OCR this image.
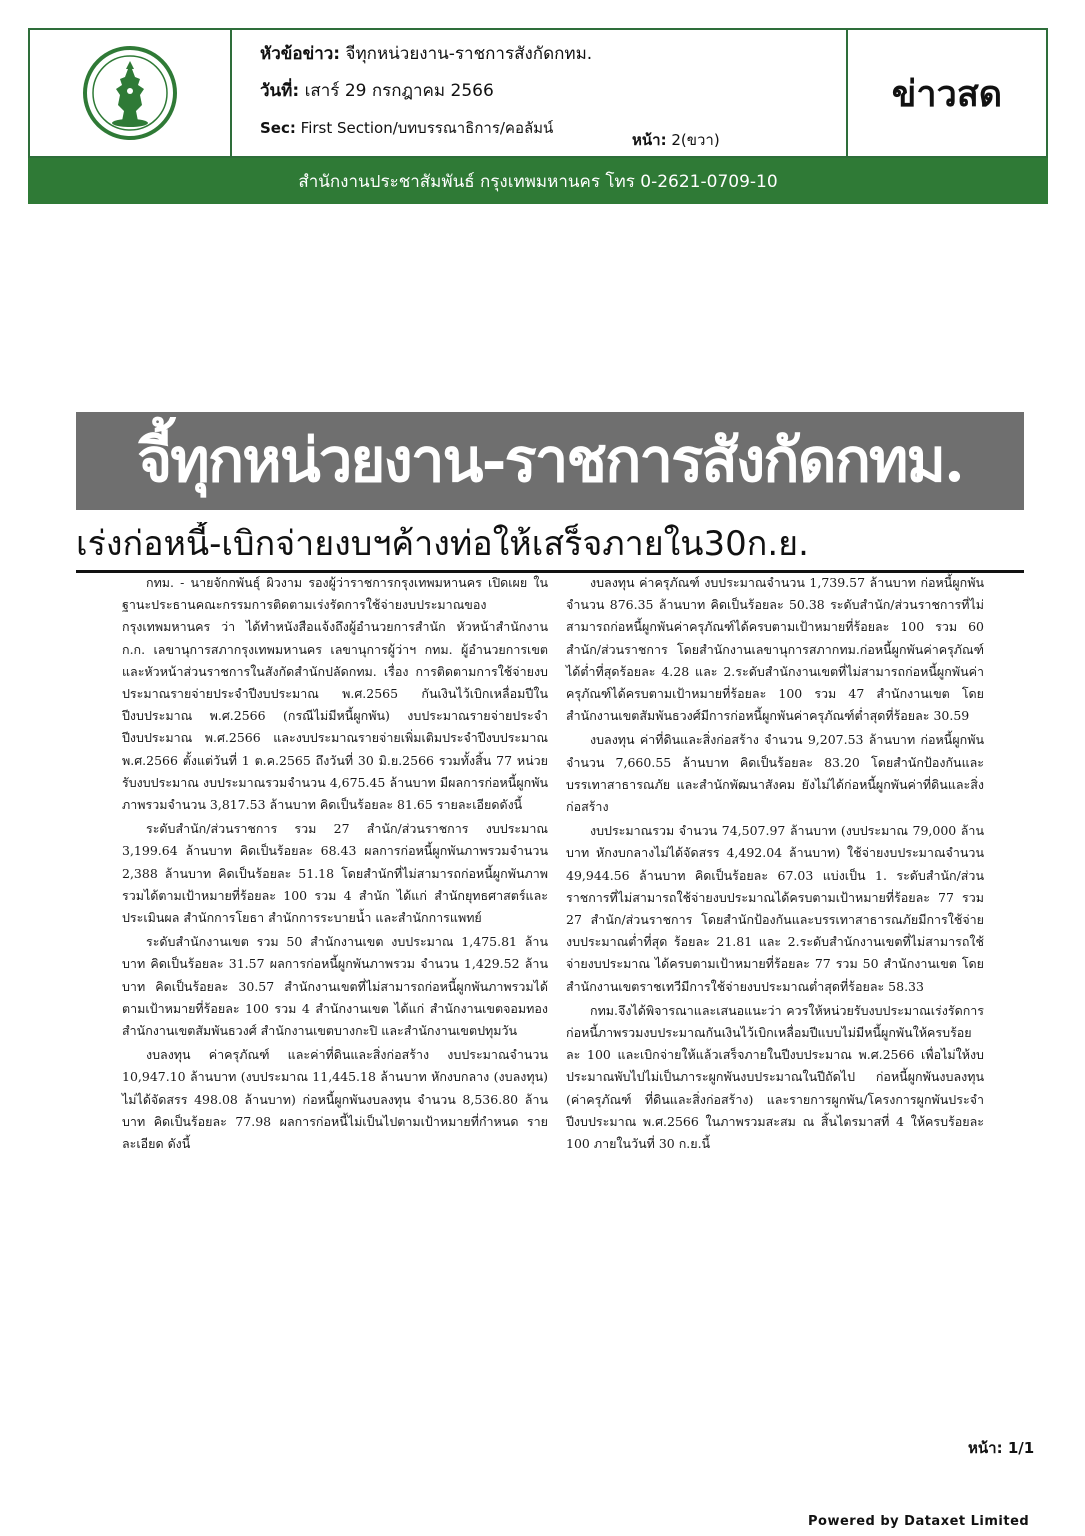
หัวข้อข่าว: จีทุกหน่วยงาน-ราชการสังกัดกทม.
วันที่: เสาร์ 29 กรกฎาคม 2566
Sec: First Section/บทบรรณาธิการ/คอลัมน์
หน้า: 2(ขวา)
ข่าวสด
สำนักงานประชาสัมพันธ์ กรุงเทพมหานคร โทร 0-2621-0709-10
จี้ทุกหน่วยงาน-ราชการสังกัดกทม.
เร่งก่อหนี้-เบิกจ่ายงบฯค้างท่อให้เสร็จภายใน30ก.ย.

กทม. - นายจักกพันธุ์ ผิวงาม รองผู้ว่าราชการกรุงเทพมหานคร เปิดเผย ในฐานะประธานคณะกรรมการติดตามเร่งรัดการใช้จ่ายงบประมาณของกรุงเทพมหานคร ว่า ได้ทำหนังสือแจ้งถึงผู้อำนวยการสำนัก หัวหน้าสำนักงาน ก.ก. เลขานุการสภากรุงเทพมหานคร เลขานุการผู้ว่าฯ กทม. ผู้อำนวยการเขต และหัวหน้าส่วนราชการในสังกัดสำนักปลัดกทม. เรื่อง การติดตามการใช้จ่ายงบประมาณรายจ่ายประจำปีงบประมาณ พ.ศ.2565 กันเงินไว้เบิกเหลื่อมปีในปีงบประมาณ พ.ศ.2566 (กรณีไม่มีหนี้ผูกพัน) งบประมาณรายจ่ายประจำปีงบประมาณ พ.ศ.2566 และงบประมาณรายจ่ายเพิ่มเติมประจำปีงบประมาณ พ.ศ.2566 ตั้งแต่วันที่ 1 ต.ค.2565 ถึงวันที่ 30 มิ.ย.2566 รวมทั้งสิ้น 77 หน่วยรับงบประมาณ งบประมาณรวมจำนวน 4,675.45 ล้านบาท มีผลการก่อหนี้ผูกพันภาพรวมจำนวน 3,817.53 ล้านบาท คิดเป็นร้อยละ 81.65 รายละเอียดดังนี้

ระดับสำนัก/ส่วนราชการ รวม 27 สำนัก/ส่วนราชการ งบประมาณ 3,199.64 ล้านบาท คิดเป็นร้อยละ 68.43 ผลการก่อหนี้ผูกพันภาพรวมจำนวน 2,388 ล้านบาท คิดเป็นร้อยละ 51.18 โดยสำนักที่ไม่สามารถก่อหนี้ผูกพันภาพรวมได้ตามเป้าหมายที่ร้อยละ 100 รวม 4 สำนัก ได้แก่ สำนักยุทธศาสตร์และประเมินผล สำนักการโยธา สำนักการระบายน้ำ และสำนักการแพทย์

ระดับสำนักงานเขต รวม 50 สำนักงานเขต งบประมาณ 1,475.81 ล้านบาท คิดเป็นร้อยละ 31.57 ผลการก่อหนี้ผูกพันภาพรวม จำนวน 1,429.52 ล้านบาท คิดเป็นร้อยละ 30.57 สำนักงานเขตที่ไม่สามารถก่อหนี้ผูกพันภาพรวมได้ตามเป้าหมายที่ร้อยละ 100 รวม 4 สำนักงานเขต ได้แก่ สำนักงานเขตจอมทอง สำนักงานเขตสัมพันธวงศ์ สำนักงานเขตบางกะปิ และสำนักงานเขตปทุมวัน

งบลงทุน ค่าครุภัณฑ์ และค่าที่ดินและสิ่งก่อสร้าง งบประมาณจำนวน 10,947.10 ล้านบาท (งบประมาณ 11,445.18 ล้านบาท หักงบกลาง (งบลงทุน) ไม่ได้จัดสรร 498.08 ล้านบาท) ก่อหนี้ผูกพันงบลงทุน จำนวน 8,536.80 ล้านบาท คิดเป็นร้อยละ 77.98 ผลการก่อหนี้ไม่เป็นไปตามเป้าหมายที่กำหนด รายละเอียด ดังนี้

งบลงทุน ค่าครุภัณฑ์ งบประมาณจำนวน 1,739.57 ล้านบาท ก่อหนี้ผูกพัน จำนวน 876.35 ล้านบาท คิดเป็นร้อยละ 50.38 ระดับสำนัก/ส่วนราชการที่ไม่สามารถก่อหนี้ผูกพันค่าครุภัณฑ์ได้ครบตามเป้าหมายที่ร้อยละ 100 รวม 60 สำนัก/ส่วนราชการ โดยสำนักงานเลขานุการสภากทม.ก่อหนี้ผูกพันค่าครุภัณฑ์ได้ต่ำที่สุดร้อยละ 4.28 และ 2.ระดับสำนักงานเขตที่ไม่สามารถก่อหนี้ผูกพันค่าครุภัณฑ์ได้ครบตามเป้าหมายที่ร้อยละ 100 รวม 47 สำนักงานเขต โดยสำนักงานเขตสัมพันธวงศ์มีการก่อหนี้ผูกพันค่าครุภัณฑ์ต่ำสุดที่ร้อยละ 30.59

งบลงทุน ค่าที่ดินและสิ่งก่อสร้าง จำนวน 9,207.53 ล้านบาท ก่อหนี้ผูกพัน จำนวน 7,660.55 ล้านบาท คิดเป็นร้อยละ 83.20 โดยสำนักป้องกันและบรรเทาสาธารณภัย และสำนักพัฒนาสังคม ยังไม่ได้ก่อหนี้ผูกพันค่าที่ดินและสิ่งก่อสร้าง

งบประมาณรวม จำนวน 74,507.97 ล้านบาท (งบประมาณ 79,000 ล้านบาท หักงบกลางไม่ได้จัดสรร 4,492.04 ล้านบาท) ใช้จ่ายงบประมาณจำนวน 49,944.56 ล้านบาท คิดเป็นร้อยละ 67.03 แบ่งเป็น 1. ระดับสำนัก/ส่วนราชการที่ไม่สามารถใช้จ่ายงบประมาณได้ครบตามเป้าหมายที่ร้อยละ 77 รวม 27 สำนัก/ส่วนราชการ โดยสำนักป้องกันและบรรเทาสาธารณภัยมีการใช้จ่ายงบประมาณต่ำที่สุด ร้อยละ 21.81 และ 2.ระดับสำนักงานเขตที่ไม่สามารถใช้จ่ายงบประมาณ ได้ครบตามเป้าหมายที่ร้อยละ 77 รวม 50 สำนักงานเขต โดยสำนักงานเขตราชเทวีมีการใช้จ่ายงบประมาณต่ำสุดที่ร้อยละ 58.33

กทม.จึงได้พิจารณาและเสนอแนะว่า ควรให้หน่วยรับงบประมาณเร่งรัดการก่อหนี้ภาพรวมงบประมาณกันเงินไว้เบิกเหลื่อมปีแบบไม่มีหนี้ผูกพันให้ครบร้อยละ 100 และเบิกจ่ายให้แล้วเสร็จภายในปีงบประมาณ พ.ศ.2566 เพื่อไม่ให้งบประมาณพับไปไม่เป็นภาระผูกพันงบประมาณในปีถัดไป ก่อหนี้ผูกพันงบลงทุน (ค่าครุภัณฑ์ ที่ดินและสิ่งก่อสร้าง) และรายการผูกพัน/โครงการผูกพันประจำปีงบประมาณ พ.ศ.2566 ในภาพรวมสะสม ณ สิ้นไตรมาสที่ 4 ให้ครบร้อยละ 100 ภายในวันที่ 30 ก.ย.นี้

หน้า: 1/1
Powered by Dataxet Limited
